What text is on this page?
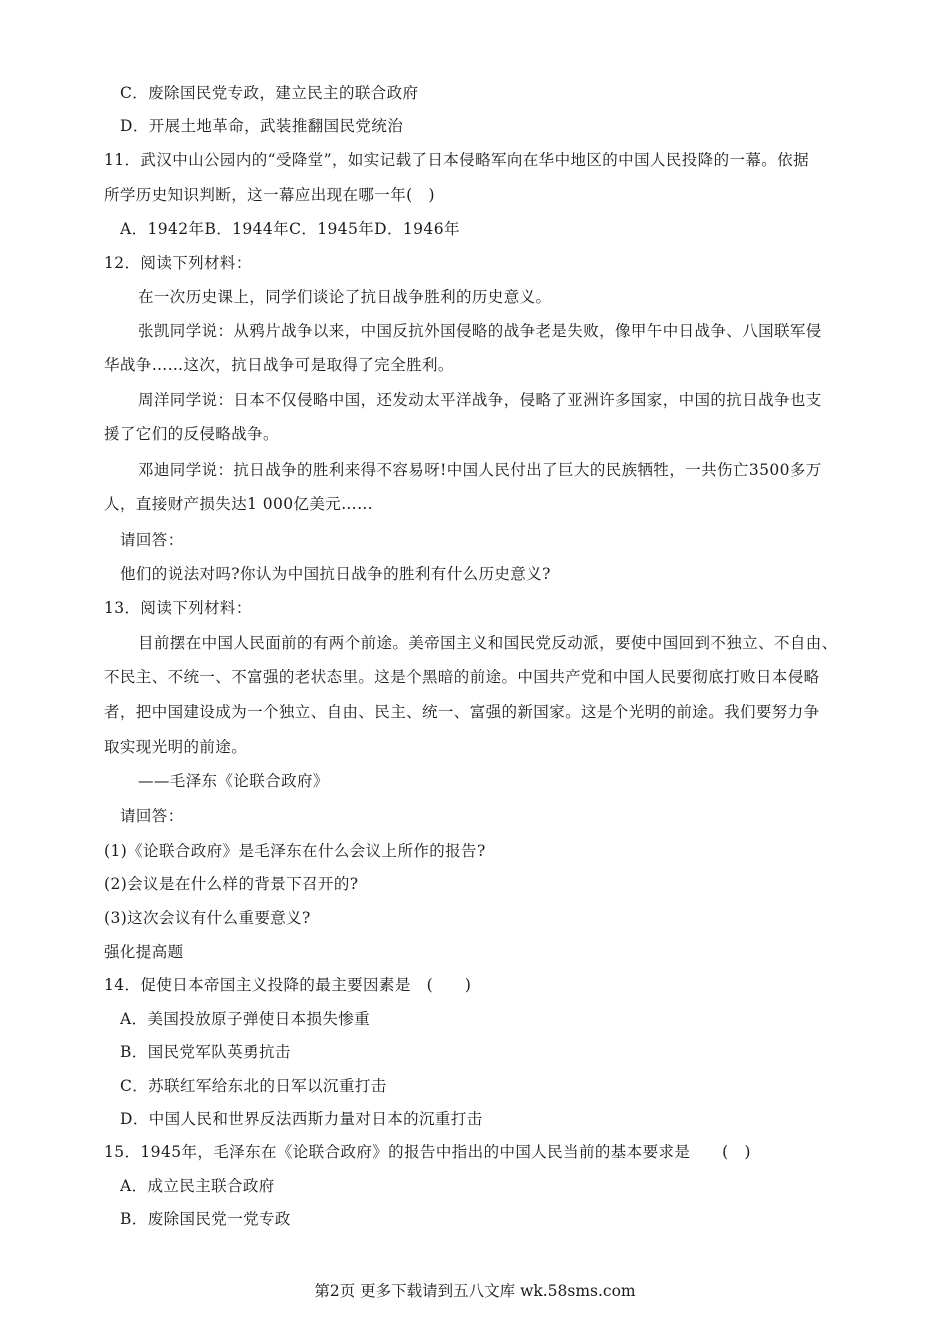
C．废除国民党专政，建立民主的联合政府
D．开展土地革命，武装推翻国民党统治
11．武汉中山公园内的“受降堂”，如实记载了日本侵略军向在华中地区的中国人民投降的一幕。依据
所学历史知识判断，这一幕应出现在哪一年(　)
A．1942年B．1944年C．1945年D．1946年
12．阅读下列材料：
在一次历史课上，同学们谈论了抗日战争胜利的历史意义。
张凯同学说：从鸦片战争以来，中国反抗外国侵略的战争老是失败，像甲午中日战争、八国联军侵
华战争……这次，抗日战争可是取得了完全胜利。
周洋同学说：日本不仅侵略中国，还发动太平洋战争，侵略了亚洲许多国家，中国的抗日战争也支
援了它们的反侵略战争。
邓迪同学说：抗日战争的胜利来得不容易呀!中国人民付出了巨大的民族牺牲，一共伤亡3500多万
人，直接财产损失达1 000亿美元……
请回答：
他们的说法对吗?你认为中国抗日战争的胜利有什么历史意义?
13．阅读下列材料：
目前摆在中国人民面前的有两个前途。美帝国主义和国民党反动派，要使中国回到不独立、不自由、
不民主、不统一、不富强的老状态里。这是个黑暗的前途。中国共产党和中国人民要彻底打败日本侵略
者，把中国建设成为一个独立、自由、民主、统一、富强的新国家。这是个光明的前途。我们要努力争
取实现光明的前途。
——毛泽东《论联合政府》
请回答：
(1)《论联合政府》是毛泽东在什么会议上所作的报告?
(2)会议是在什么样的背景下召开的?
(3)这次会议有什么重要意义?
强化提高题
14．促使日本帝国主义投降的最主要因素是　(　　)
A．美国投放原子弹使日本损失惨重
B．国民党军队英勇抗击
C．苏联红军给东北的日军以沉重打击
D．中国人民和世界反法西斯力量对日本的沉重打击
15．1945年，毛泽东在《论联合政府》的报告中指出的中国人民当前的基本要求是　　(　)
A．成立民主联合政府
B．废除国民党一党专政
第2页 更多下载请到五八文库 wk.58sms.com
